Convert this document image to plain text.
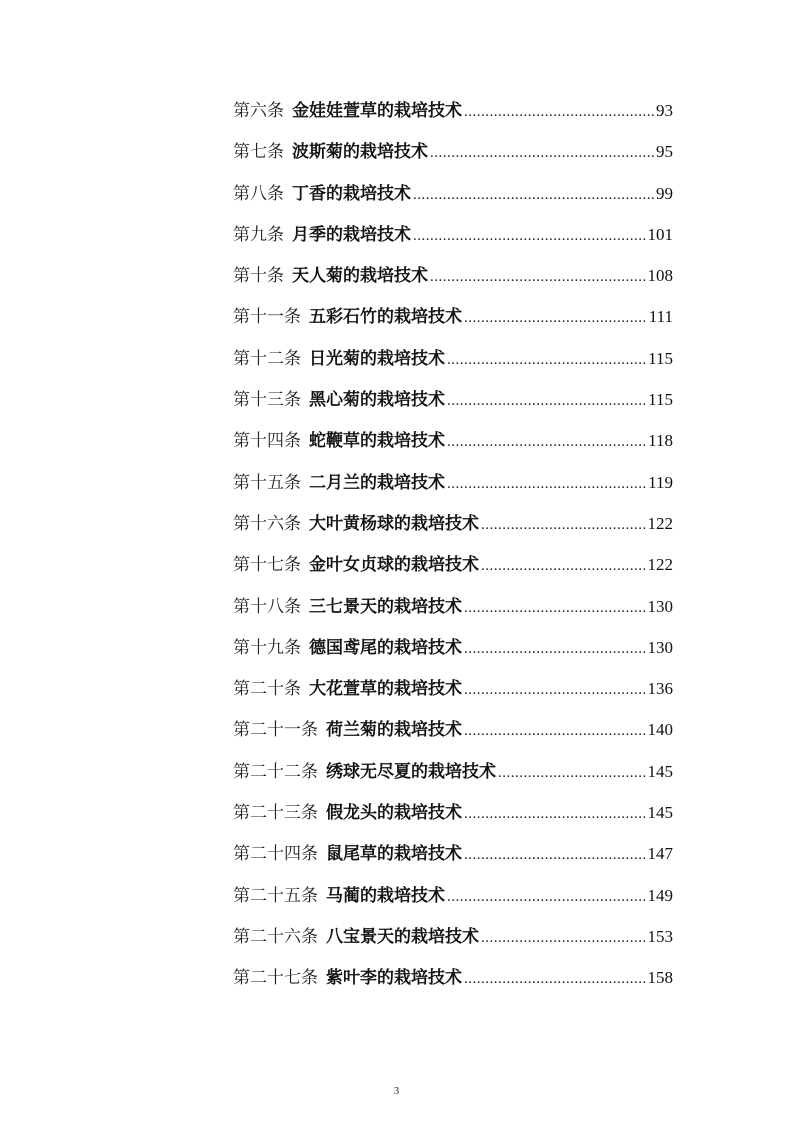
第六条 金娃娃萱草的栽培技术 .....	93
第七条 波斯菊的栽培技术 .....	95
第八条 丁香的栽培技术 .....	99
第九条 月季的栽培技术 .....	101
第十条 天人菊的栽培技术 .....	108
第十一条 五彩石竹的栽培技术 .....	111
第十二条 日光菊的栽培技术 .....	115
第十三条 黑心菊的栽培技术 .....	115
第十四条 蛇鞭草的栽培技术 .....	118
第十五条 二月兰的栽培技术 .....	119
第十六条 大叶黄杨球的栽培技术 .....	122
第十七条 金叶女贞球的栽培技术 .....	122
第十八条 三七景天的栽培技术 .....	130
第十九条 德国鸢尾的栽培技术 .....	130
第二十条 大花萱草的栽培技术 .....	136
第二十一条 荷兰菊的栽培技术 .....	140
第二十二条 绣球无尽夏的栽培技术 .....	145
第二十三条 假龙头的栽培技术 .....	145
第二十四条 鼠尾草的栽培技术 .....	147
第二十五条 马蔺的栽培技术 .....	149
第二十六条 八宝景天的栽培技术 .....	153
第二十七条 紫叶李的栽培技术 .....	158
3
